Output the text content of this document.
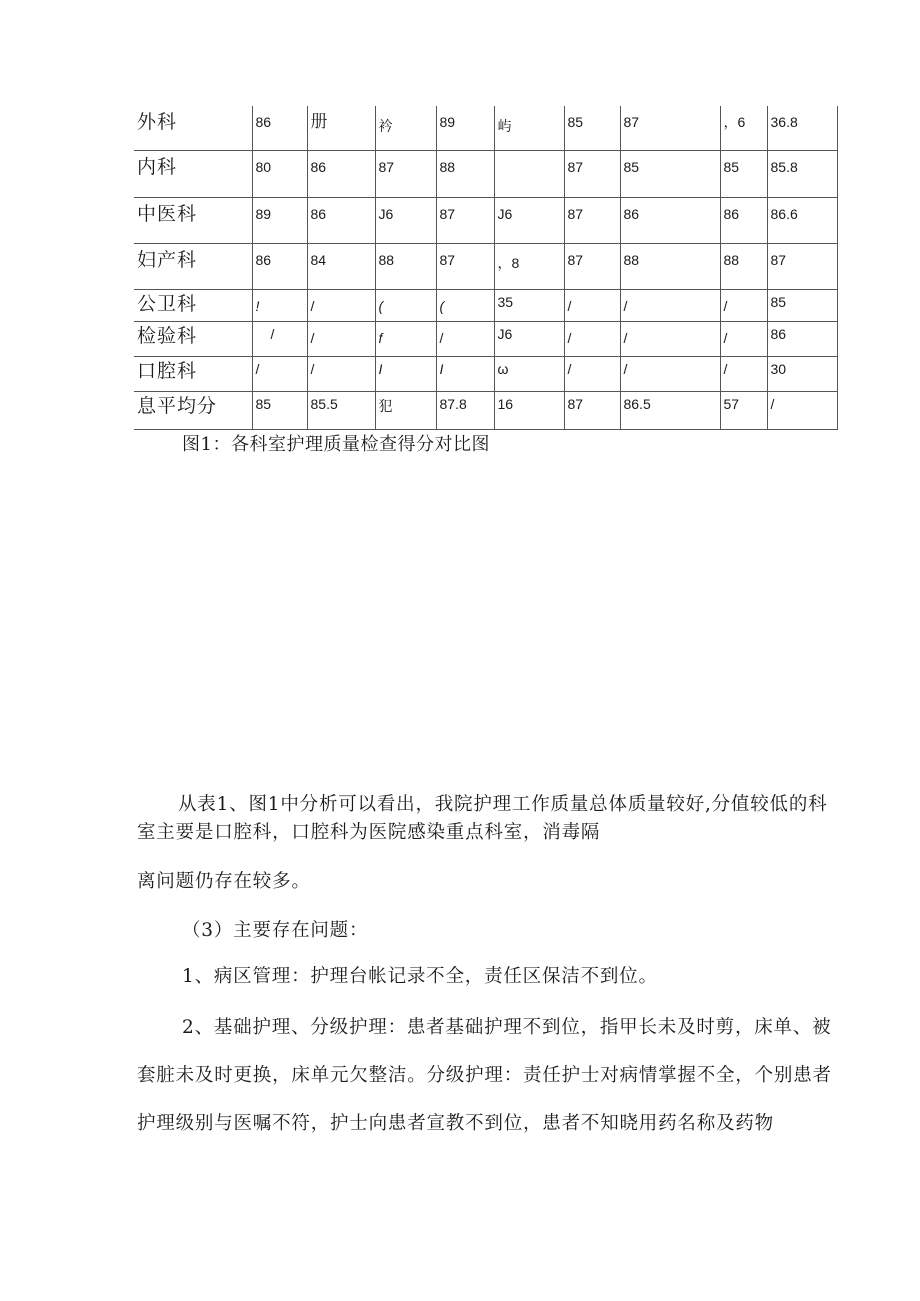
外科	86	册	衿	89	屿	85	87	，6	36.8
内科	80	86	87	88		87	85	85	85.8
中医科	89	86	J6	87	J6	87	86	86	86.6
妇产科	86	84	88	87	，8	87	88	88	87
公卫科	!	/	(	(	35	/	/	/	85
检验科	/	/	f	/	J6	/	/	/	86
口腔科	/	/	I	I	ω	/	/	/	30
息平均分	85	85.5	犯	87.8	16	87	86.5	57	/

图1：各科室护理质量检查得分对比图

从表1、图1中分析可以看出，我院护理工作质量总体质量较好,分值较低的科室主要是口腔科，口腔科为医院感染重点科室，消毒隔

离问题仍存在较多。

（3）主要存在问题：

1、病区管理：护理台帐记录不全，责任区保洁不到位。

2、基础护理、分级护理：患者基础护理不到位，指甲长未及时剪，床单、被套脏未及时更换，床单元欠整洁。分级护理：责任护士对病情掌握不全，个别患者护理级别与医嘱不符，护士向患者宣教不到位，患者不知晓用药名称及药物
